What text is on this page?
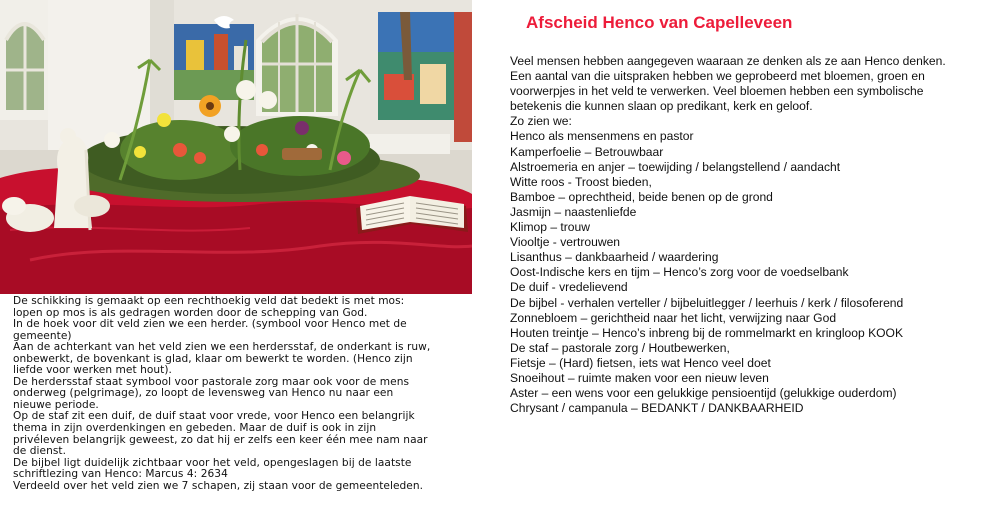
De schikking is gemaakt op een rechthoekig veld dat bedekt is met mos:
lopen op mos is als gedragen worden door de schepping van God.
In de hoek voor dit veld zien we een herder. (symbool voor Henco met de
gemeente)
Aan de achterkant van het veld zien we een herdersstaf, de onderkant is ruw,
onbewerkt, de bovenkant is glad, klaar om bewerkt te worden. (Henco zijn
liefde voor werken met hout).
De herdersstaf staat symbool voor pastorale zorg maar ook voor de mens
onderweg (pelgrimage), zo loopt de levensweg van Henco nu naar een
nieuwe periode.
Op de staf zit een duif, de duif staat voor vrede, voor Henco een belangrijk
thema in zijn overdenkingen en gebeden. Maar de duif is ook in zijn
privéleven belangrijk geweest, zo dat hij er zelfs een keer één mee nam naar
de dienst.
De bijbel ligt duidelijk zichtbaar voor het veld, opengeslagen bij de laatste
schriftlezing van Henco: Marcus 4: 2634
Verdeeld over het veld zien we 7 schapen, zij staan voor de gemeenteleden.
Afscheid Henco van Capelleveen

Veel mensen hebben aangegeven waaraan ze denken als ze aan Henco denken. Een aantal van die uitspraken hebben we geprobeerd met bloemen, groen en voorwerpjes in het veld te verwerken. Veel bloemen hebben een symbolische betekenis die kunnen slaan op predikant, kerk en geloof.

Zo zien we:

Henco als mensenmens en pastor
Kamperfoelie – Betrouwbaar
Alstroemeria en anjer – toewijding / belangstellend / aandacht
Witte roos - Troost bieden,
Bamboe – oprechtheid, beide benen op de grond
Jasmijn – naastenliefde
Klimop – trouw
Viooltje - vertrouwen
Lisanthus – dankbaarheid / waardering
Oost-Indische kers en tijm – Henco’s zorg voor de voedselbank
De duif - vredelievend
De bijbel - verhalen verteller / bijbeluitlegger / leerhuis / kerk / filosoferend
Zonnebloem – gerichtheid naar het licht, verwijzing naar God
Houten treintje – Henco’s inbreng bij de rommelmarkt en kringloop KOOK
De staf – pastorale zorg / Houtbewerken,
Fietsje – (Hard) fietsen, iets wat Henco veel doet
Snoeihout – ruimte maken voor een nieuw leven
Aster – een wens voor een gelukkige pensioentijd (gelukkige ouderdom)
Chrysant / campanula – BEDANKT / DANKBAARHEID
